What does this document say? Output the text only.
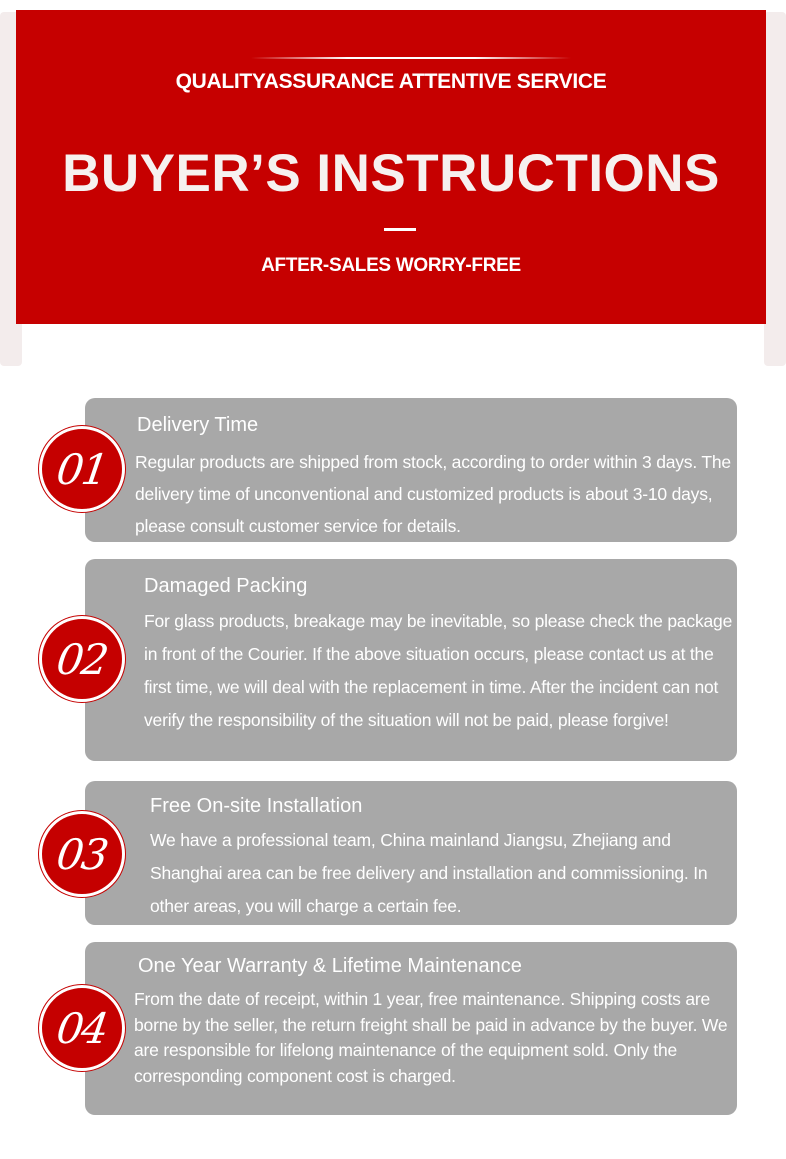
QUALITYASSURANCE ATTENTIVE SERVICE
BUYER’S INSTRUCTIONS
AFTER-SALES WORRY-FREE
Delivery Time
Regular products are shipped from stock, according to order within 3 days. The delivery time of unconventional and customized products is about 3-10 days, please consult customer service for details.
01
Damaged Packing
For glass products, breakage may be inevitable, so please check the package in front of the Courier. If the above situation occurs, please contact us at the first time, we will deal with the replacement in time. After the incident can not verify the responsibility of the situation will not be paid, please forgive!
02
Free On-site Installation
We have a professional team, China mainland Jiangsu, Zhejiang and Shanghai area can be free delivery and installation and commissioning. In other areas, you will charge a certain fee.
03
One Year Warranty & Lifetime Maintenance
From the date of receipt, within 1 year, free maintenance. Shipping costs are borne by the seller, the return freight shall be paid in advance by the buyer. We are responsible for lifelong maintenance of the equipment sold. Only the corresponding component cost is charged.
04
